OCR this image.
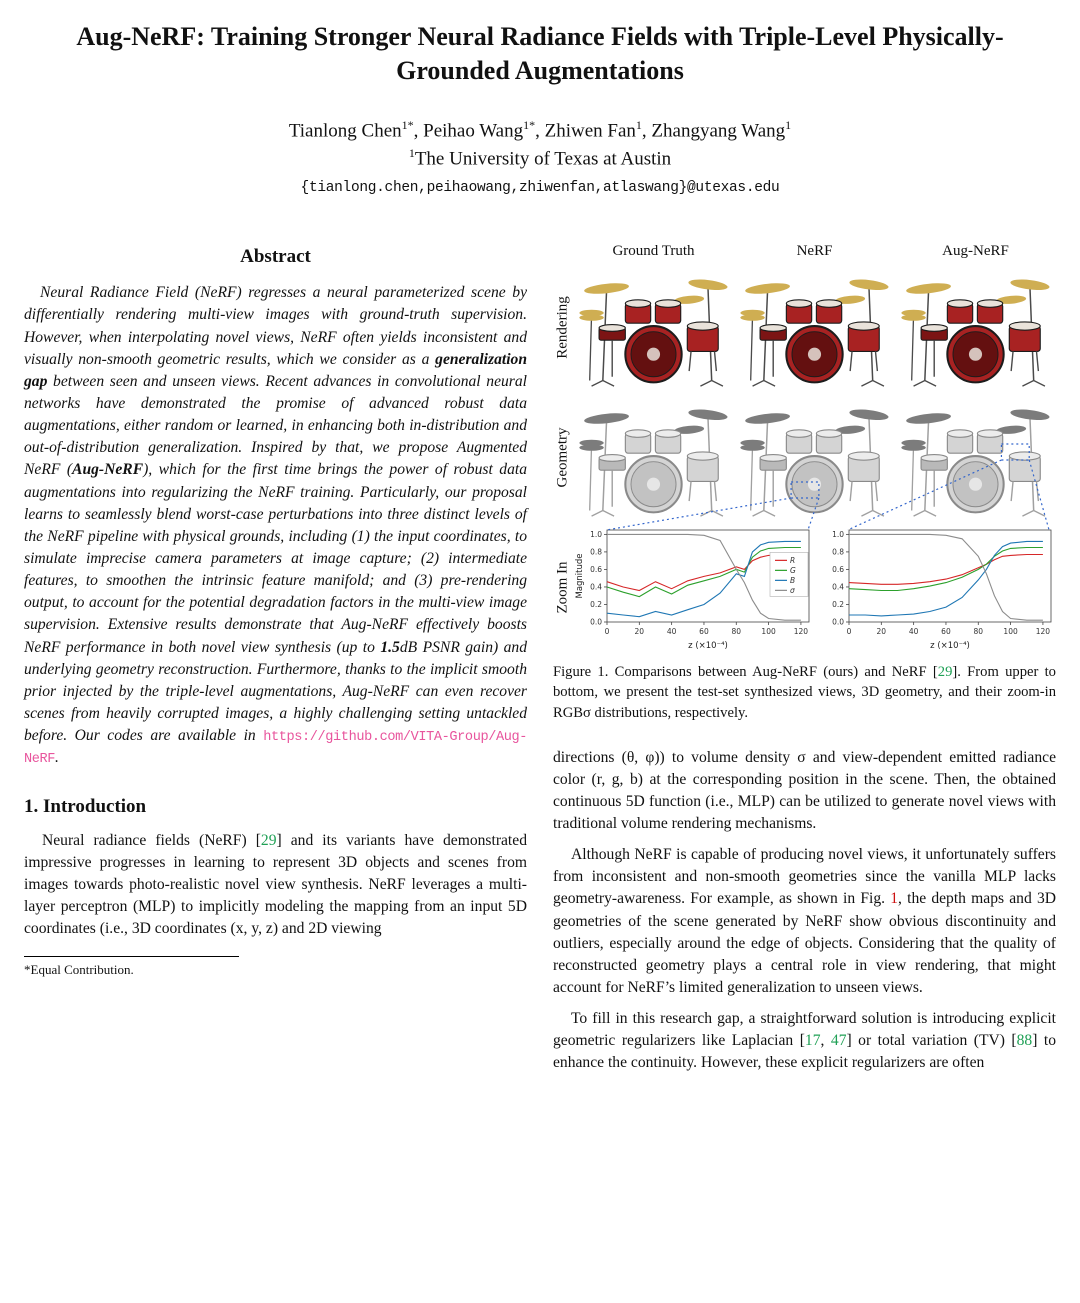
Aug-NeRF: Training Stronger Neural Radiance Fields with Triple-Level Physically-Grounded Augmentations
Tianlong Chen$^{1*}$, Peihao Wang$^{1*}$, Zhiwen Fan$^1$, Zhangyang Wang$^1$
$^1$The University of Texas at Austin
{tianlong.chen,peihaowang,zhiwenfan,atlaswang}@utexas.edu
Abstract

Neural Radiance Field (NeRF) regresses a neural parameterized scene by differentially rendering multi-view images with ground-truth supervision. However, when interpolating novel views, NeRF often yields inconsistent and visually non-smooth geometric results, which we consider as a generalization gap between seen and unseen views. Recent advances in convolutional neural networks have demonstrated the promise of advanced robust data augmentations, either random or learned, in enhancing both in-distribution and out-of-distribution generalization. Inspired by that, we propose Augmented NeRF (Aug-NeRF), which for the first time brings the power of robust data augmentations into regularizing the NeRF training. Particularly, our proposal learns to seamlessly blend worst-case perturbations into three distinct levels of the NeRF pipeline with physical grounds, including (1) the input coordinates, to simulate imprecise camera parameters at image capture; (2) intermediate features, to smoothen the intrinsic feature manifold; and (3) pre-rendering output, to account for the potential degradation factors in the multi-view image supervision. Extensive results demonstrate that Aug-NeRF effectively boosts NeRF performance in both novel view synthesis (up to 1.5dB PSNR gain) and underlying geometry reconstruction. Furthermore, thanks to the implicit smooth prior injected by the triple-level augmentations, Aug-NeRF can even recover scenes from heavily corrupted images, a highly challenging setting untackled before. Our codes are available in https://github.com/VITA-Group/Aug-NeRF.

1. Introduction

Neural radiance fields (NeRF) [29] and its variants have demonstrated impressive progresses in learning to represent 3D objects and scenes from images towards photo-realistic novel view synthesis. NeRF leverages a multi-layer perceptron (MLP) to implicitly modeling the mapping from an input 5D coordinates (i.e., 3D coordinates (x, y, z) and 2D viewing

*Equal Contribution.

Ground Truth	NeRF	Aug-NeRF
Rendering
Geometry
Zoom In
0.0
0.2
0.4
0.6
0.8
1.0
0	20	40	60	80	100 120
z (×10⁻⁴)
Magnitude	R
G
B
σ
0.0
0.2
0.4
0.6
0.8
1.0
0	20	40	60	80	100 120
z (×10⁻⁴)
Figure 1. Comparisons between Aug-NeRF (ours) and NeRF [29]. From upper to bottom, we present the test-set synthesized views, 3D geometry, and their zoom-in RGBσ distributions, respectively.

directions (θ, φ)) to volume density σ and view-dependent emitted radiance color (r, g, b) at the corresponding position in the scene. Then, the obtained continuous 5D function (i.e., MLP) can be utilized to generate novel views with traditional volume rendering mechanisms.

Although NeRF is capable of producing novel views, it unfortunately suffers from inconsistent and non-smooth geometries since the vanilla MLP lacks geometry-awareness. For example, as shown in Fig. 1, the depth maps and 3D geometries of the scene generated by NeRF show obvious discontinuity and outliers, especially around the edge of objects. Considering that the quality of reconstructed geometry plays a central role in view rendering, that might account for NeRF’s limited generalization to unseen views.

To fill in this research gap, a straightforward solution is introducing explicit geometric regularizers like Laplacian [17, 47] or total variation (TV) [88] to enhance the continuity. However, these explicit regularizers are often
